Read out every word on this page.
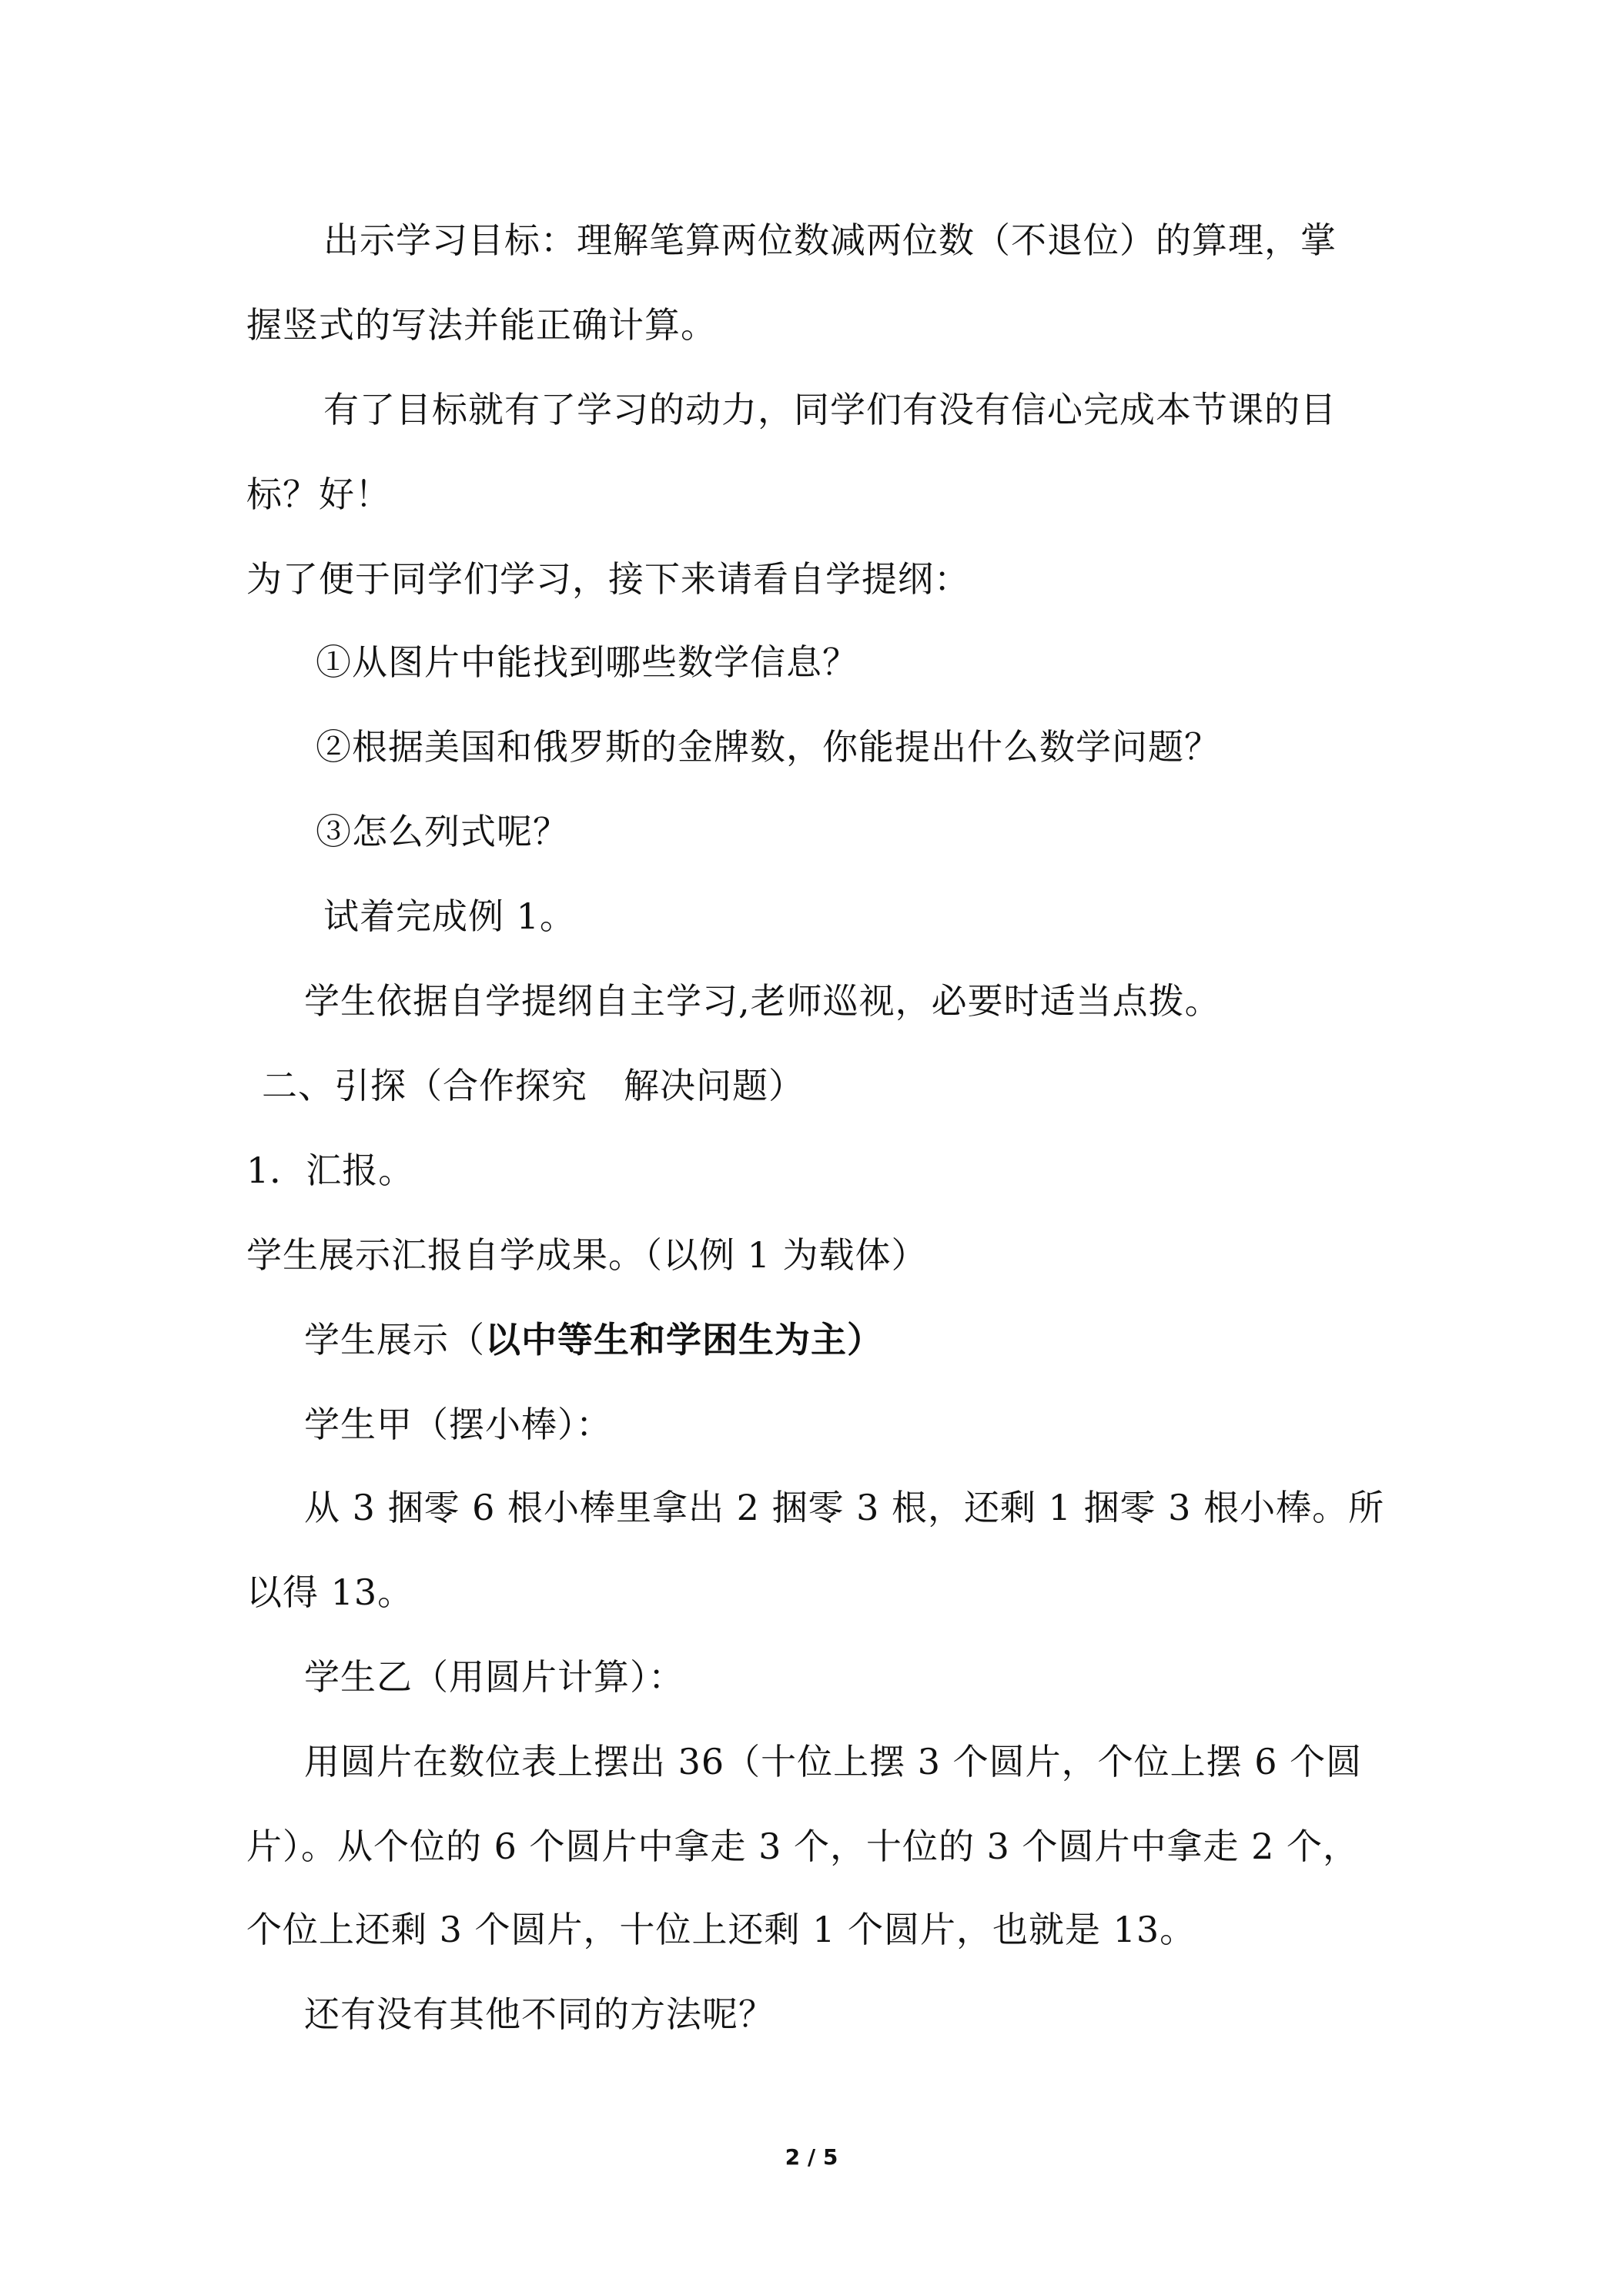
出示学习目标：理解笔算两位数减两位数（不退位）的算理，掌
握竖式的写法并能正确计算。
有了目标就有了学习的动力，同学们有没有信心完成本节课的目
标？好！
为了便于同学们学习，接下来请看自学提纲：
①从图片中能找到哪些数学信息？
②根据美国和俄罗斯的金牌数，你能提出什么数学问题？
③怎么列式呢？
试着完成例 1。
学生依据自学提纲自主学习,老师巡视，必要时适当点拨。
二、引探（合作探究　解决问题）
1．汇报。
学生展示汇报自学成果。（以例 1 为载体）
学生展示（以中等生和学困生为主）
学生甲（摆小棒）：
从 3 捆零 6 根小棒里拿出 2 捆零 3 根，还剩 1 捆零 3 根小棒。所
以得 13。
学生乙（用圆片计算）：
用圆片在数位表上摆出 36（十位上摆 3 个圆片，个位上摆 6 个圆
片）。从个位的 6 个圆片中拿走 3 个，十位的 3 个圆片中拿走 2 个，
个位上还剩 3 个圆片，十位上还剩 1 个圆片，也就是 13。
还有没有其他不同的方法呢？
2 / 5
